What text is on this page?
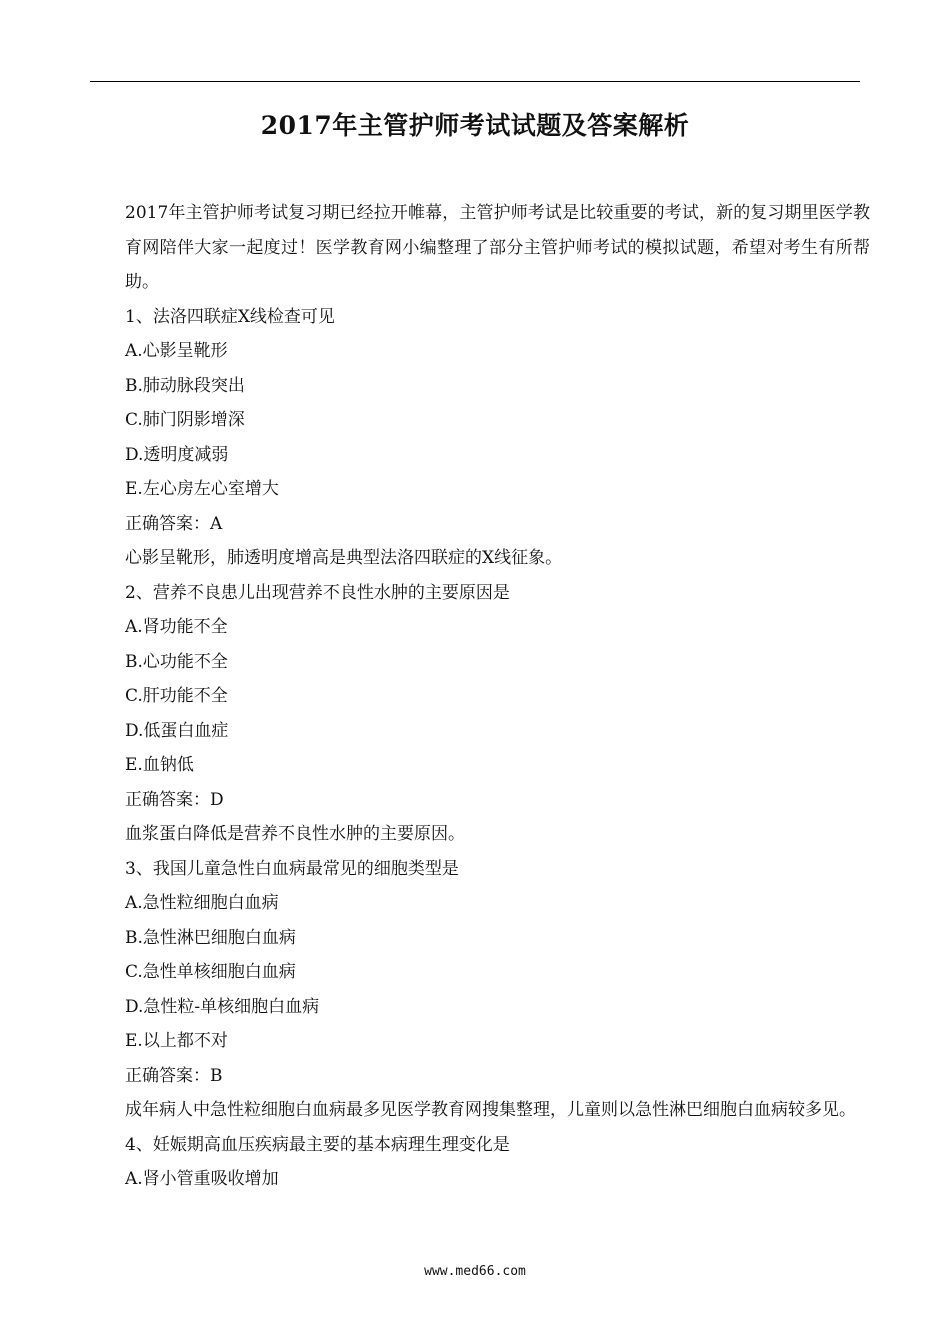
2017年主管护师考试试题及答案解析

2017年主管护师考试复习期已经拉开帷幕，主管护师考试是比较重要的考试，新的复习期里医学教育网陪伴大家一起度过！医学教育网小编整理了部分主管护师考试的模拟试题，希望对考生有所帮助。

1、法洛四联症X线检查可见

A.心影呈靴形

B.肺动脉段突出

C.肺门阴影增深

D.透明度减弱

E.左心房左心室增大

正确答案：A

心影呈靴形，肺透明度增高是典型法洛四联症的X线征象。

2、营养不良患儿出现营养不良性水肿的主要原因是

A.肾功能不全

B.心功能不全

C.肝功能不全

D.低蛋白血症

E.血钠低

正确答案：D

血浆蛋白降低是营养不良性水肿的主要原因。

3、我国儿童急性白血病最常见的细胞类型是

A.急性粒细胞白血病

B.急性淋巴细胞白血病

C.急性单核细胞白血病

D.急性粒-单核细胞白血病

E.以上都不对

正确答案：B

成年病人中急性粒细胞白血病最多见医学教育网搜集整理，儿童则以急性淋巴细胞白血病较多见。

4、妊娠期高血压疾病最主要的基本病理生理变化是

A.肾小管重吸收增加

www.med66.com
